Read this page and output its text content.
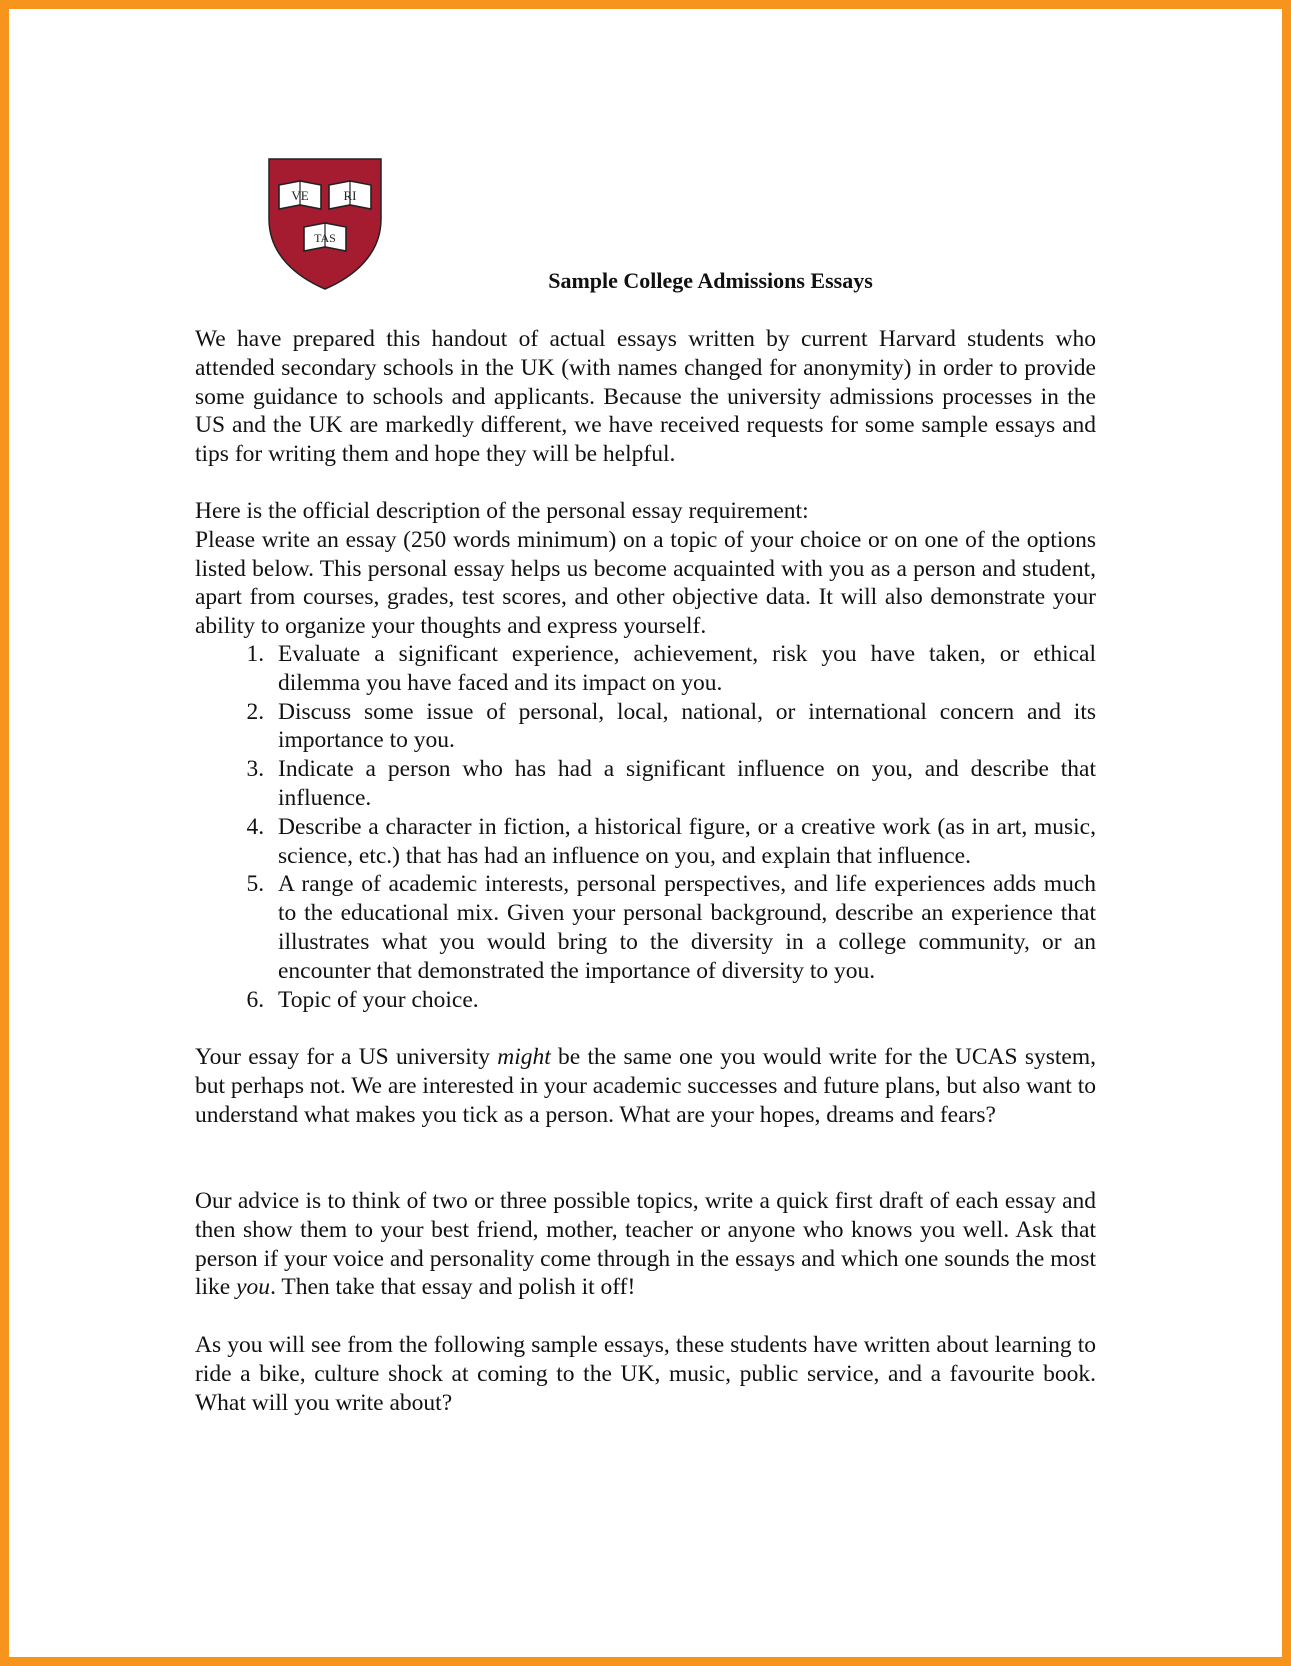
VE	RI
TAS
Sample College Admissions Essays

We have prepared this handout of actual essays written by current Harvard students who attended secondary schools in the UK (with names changed for anonymity) in order to provide some guidance to schools and applicants. Because the university admissions processes in the US and the UK are markedly different, we have received requests for some sample essays and tips for writing them and hope they will be helpful.

Here is the official description of the personal essay requirement:
Please write an essay (250 words minimum) on a topic of your choice or on one of the options listed below. This personal essay helps us become acquainted with you as a person and student, apart from courses, grades, test scores, and other objective data. It will also demonstrate your ability to organize your thoughts and express yourself.

1. Evaluate a significant experience, achievement, risk you have taken, or ethical dilemma you have faced and its impact on you.
2. Discuss some issue of personal, local, national, or international concern and its importance to you.
3. Indicate a person who has had a significant influence on you, and describe that influence.
4. Describe a character in fiction, a historical figure, or a creative work (as in art, music, science, etc.) that has had an influence on you, and explain that influence.
5. A range of academic interests, personal perspectives, and life experiences adds much to the educational mix. Given your personal background, describe an experience that illustrates what you would bring to the diversity in a college community, or an encounter that demonstrated the importance of diversity to you.
6. Topic of your choice.

Your essay for a US university might be the same one you would write for the UCAS system, but perhaps not. We are interested in your academic successes and future plans, but also want to understand what makes you tick as a person. What are your hopes, dreams and fears?

Our advice is to think of two or three possible topics, write a quick first draft of each essay and then show them to your best friend, mother, teacher or anyone who knows you well. Ask that person if your voice and personality come through in the essays and which one sounds the most like you. Then take that essay and polish it off!

As you will see from the following sample essays, these students have written about learning to ride a bike, culture shock at coming to the UK, music, public service, and a favourite book. What will you write about?
